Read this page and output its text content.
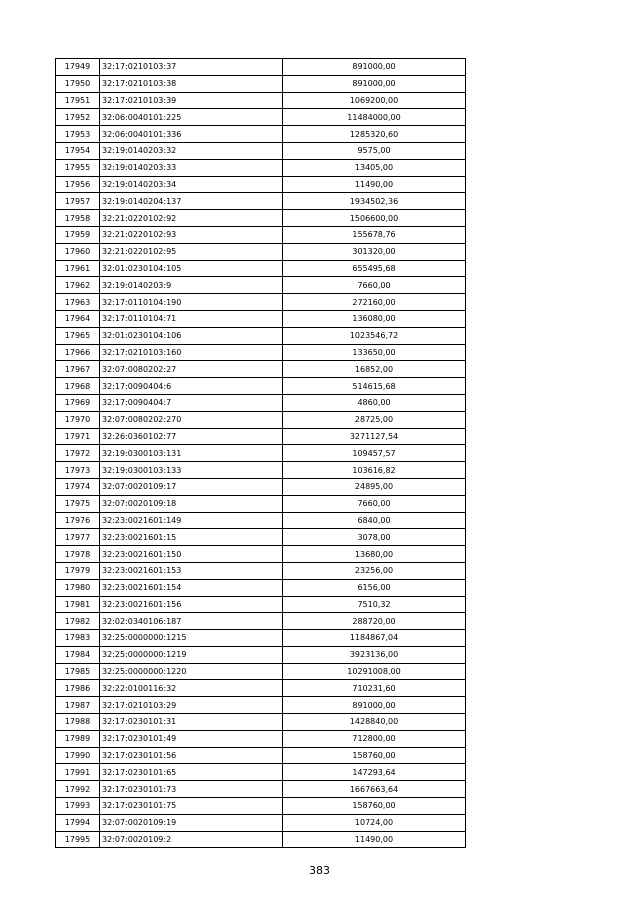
17949	32:17:0210103:37	891000,00
17950	32:17:0210103:38	891000,00
17951	32:17:0210103:39	1069200,00
17952	32:06:0040101:225	11484000,00
17953	32:06:0040101:336	1285320,60
17954	32:19:0140203:32	9575,00
17955	32:19:0140203:33	13405,00
17956	32:19:0140203:34	11490,00
17957	32:19:0140204:137	1934502,36
17958	32:21:0220102:92	1506600,00
17959	32:21:0220102:93	155678,76
17960	32:21:0220102:95	301320,00
17961	32:01:0230104:105	655495,68
17962	32:19:0140203:9	7660,00
17963	32:17:0110104:190	272160,00
17964	32:17:0110104:71	136080,00
17965	32:01:0230104:106	1023546,72
17966	32:17:0210103:160	133650,00
17967	32:07:0080202:27	16852,00
17968	32:17:0090404:6	514615,68
17969	32:17:0090404:7	4860,00
17970	32:07:0080202:270	28725,00
17971	32:26:0360102:77	3271127,54
17972	32:19:0300103:131	109457,57
17973	32:19:0300103:133	103616,82
17974	32:07:0020109:17	24895,00
17975	32:07:0020109:18	7660,00
17976	32:23:0021601:149	6840,00
17977	32:23:0021601:15	3078,00
17978	32:23:0021601:150	13680,00
17979	32:23:0021601:153	23256,00
17980	32:23:0021601:154	6156,00
17981	32:23:0021601:156	7510,32
17982	32:02:0340106:187	288720,00
17983	32:25:0000000:1215	1184867,04
17984	32:25:0000000:1219	3923136,00
17985	32:25:0000000:1220	10291008,00
17986	32:22:0100116:32	710231,60
17987	32:17:0210103:29	891000,00
17988	32:17:0230101:31	1428840,00
17989	32:17:0230101:49	712800,00
17990	32:17:0230101:56	158760,00
17991	32:17:0230101:65	147293,64
17992	32:17:0230101:73	1667663,64
17993	32:17:0230101:75	158760,00
17994	32:07:0020109:19	10724,00
17995	32:07:0020109:2	11490,00
383
